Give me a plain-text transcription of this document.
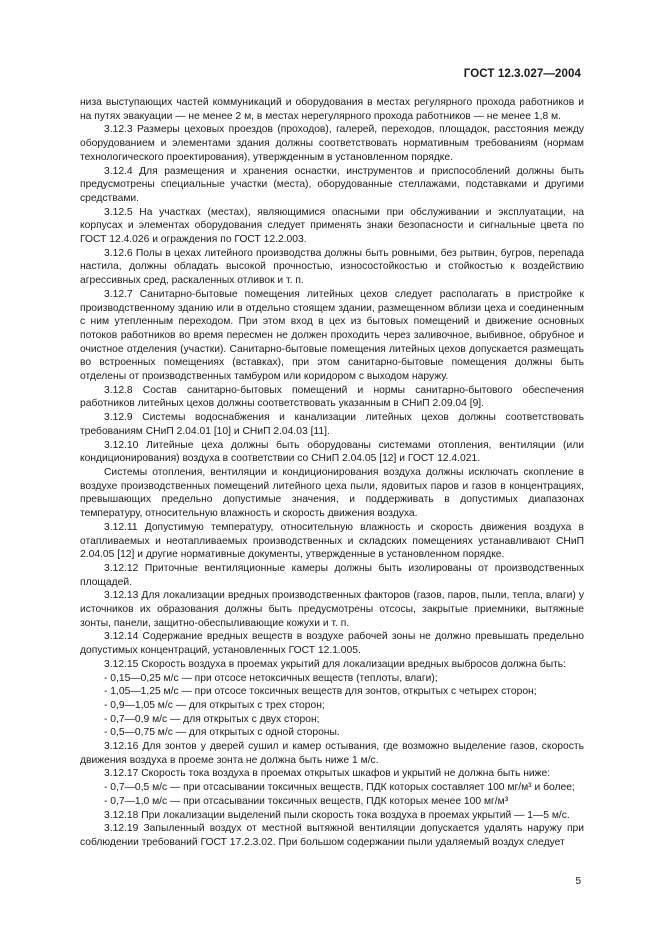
ГОСТ 12.3.027—2004

низа выступающих частей коммуникаций и оборудования в местах регулярного прохода работников и на путях эвакуации — не менее 2 м, в местах нерегулярного прохода работников — не менее 1,8 м.

3.12.3 Размеры цеховых проездов (проходов), галерей, переходов, площадок, расстояния между оборудованием и элементами здания должны соответствовать нормативным требованиям (нормам технологического проектирования), утвержденным в установленном порядке.

3.12.4 Для размещения и хранения оснастки, инструментов и приспособлений должны быть предусмотрены специальные участки (места), оборудованные стеллажами, подставками и другими средствами.

3.12.5 На участках (местах), являющимися опасными при обслуживании и эксплуатации, на корпусах и элементах оборудования следует применять знаки безопасности и сигнальные цвета по ГОСТ 12.4.026 и ограждения по ГОСТ 12.2.003.

3.12.6 Полы в цехах литейного производства должны быть ровными, без рытвин, бугров, перепада настила, должны обладать высокой прочностью, износостойкостью и стойкостью к воздействию агрессивных сред, раскаленных отливок и т. п.

3.12.7 Санитарно-бытовые помещения литейных цехов следует располагать в пристройке к производственному зданию или в отдельно стоящем здании, размещенном вблизи цеха и соединенным с ним утепленным переходом. При этом вход в цех из бытовых помещений и движение основных потоков работников во время пересмен не должен проходить через заливочное, выбивное, обрубное и очистное отделения (участки). Санитарно-бытовые помещения литейных цехов допускается размещать во встроенных помещениях (вставках), при этом санитарно-бытовые помещения должны быть отделены от производственных тамбуром или коридором с выходом наружу.

3.12.8 Состав санитарно-бытовых помещений и нормы санитарно-бытового обеспечения работников литейных цехов должны соответствовать указанным в СНиП 2.09.04 [9].

3.12.9 Системы водоснабжения и канализации литейных цехов должны соответствовать требованиям СНиП 2.04.01 [10] и СНиП 2.04.03 [11].

3.12.10 Литейные цеха должны быть оборудованы системами отопления, вентиляции (или кондиционирования) воздуха в соответствии со СНиП 2.04.05 [12] и ГОСТ 12.4.021.

Системы отопления, вентиляции и кондиционирования воздуха должны исключать скопление в воздухе производственных помещений литейного цеха пыли, ядовитых паров и газов в концентрациях, превышающих предельно допустимые значения, и поддерживать в допустимых диапазонах температуру, относительную влажность и скорость движения воздуха.

3.12.11 Допустимую температуру, относительную влажность и скорость движения воздуха в отапливаемых и неотапливаемых производственных и складских помещениях устанавливают СНиП 2.04.05 [12] и другие нормативные документы, утвержденные в установленном порядке.

3.12.12 Приточные вентиляционные камеры должны быть изолированы от производственных площадей.

3.12.13 Для локализации вредных производственных факторов (газов, паров, пыли, тепла, влаги) у источников их образования должны быть предусмотрены отсосы, закрытые приемники, вытяжные зонты, панели, защитно-обеспыливающие кожухи и т. п.

3.12.14 Содержание вредных веществ в воздухе рабочей зоны не должно превышать предельно допустимых концентраций, установленных ГОСТ 12.1.005.

3.12.15 Скорость воздуха в проемах укрытий для локализации вредных выбросов должна быть:

- 0,15—0,25 м/с — при отсосе нетоксичных веществ (теплоты, влаги);

- 1,05—1,25 м/с — при отсосе токсичных веществ для зонтов, открытых с четырех сторон;

- 0,9—1,05 м/с — для открытых с трех сторон;

- 0,7—0,9 м/с — для открытых с двух сторон;

- 0,5—0,75 м/с — для открытых с одной стороны.

3.12.16 Для зонтов у дверей сушил и камер остывания, где возможно выделение газов, скорость движения воздуха в проеме зонта не должна быть ниже 1 м/с.

3.12.17 Скорость тока воздуха в проемах открытых шкафов и укрытий не должна быть ниже:

- 0,7—0,5 м/с — при отсасывании токсичных веществ, ПДК которых составляет 100 мг/м³ и более;

- 0,7—1,0 м/с — при отсасывании токсичных веществ, ПДК которых менее 100 мг/м³

3.12.18 При локализации выделений пыли скорость тока воздуха в проемах укрытий — 1—5 м/с.

3.12.19 Запыленный воздух от местной вытяжной вентиляции допускается удалять наружу при соблюдении требований ГОСТ 17.2.3.02. При большом содержании пыли удаляемый воздух следует

5
